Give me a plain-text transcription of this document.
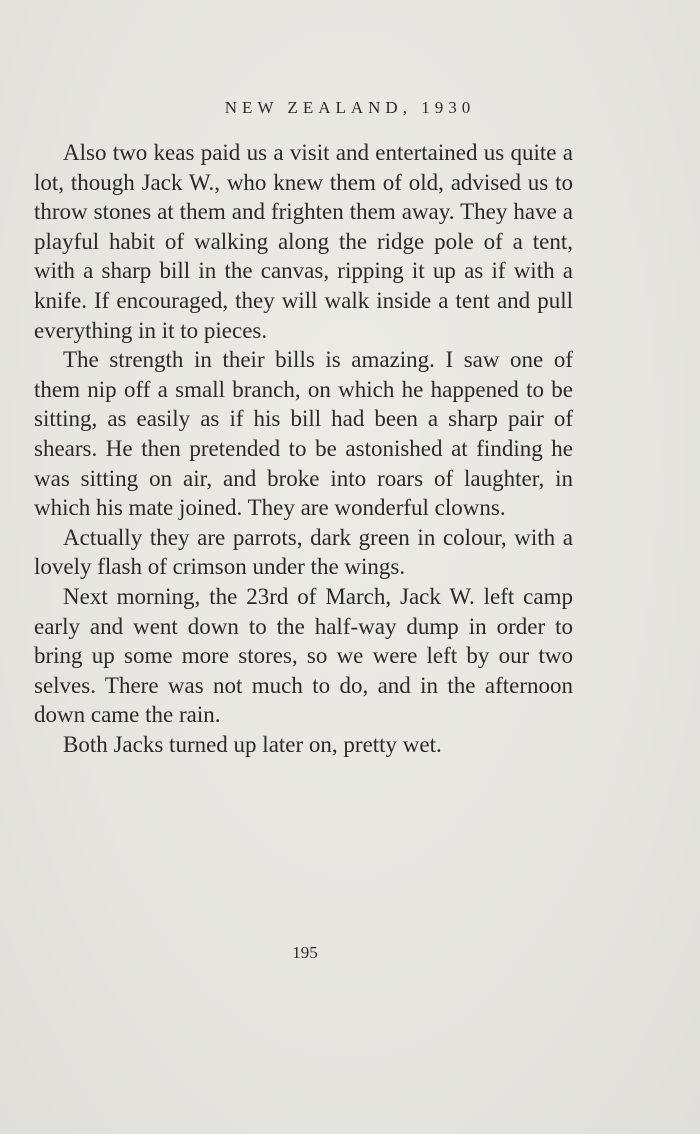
NEW ZEALAND, 1930

Also two keas paid us a visit and entertained us quite a lot, though Jack W., who knew them of old, advised us to throw stones at them and frighten them away. They have a playful habit of walking along the ridge pole of a tent, with a sharp bill in the canvas, ripping it up as if with a knife. If encouraged, they will walk inside a tent and pull everything in it to pieces.

The strength in their bills is amazing. I saw one of them nip off a small branch, on which he happened to be sitting, as easily as if his bill had been a sharp pair of shears. He then pretended to be astonished at finding he was sitting on air, and broke into roars of laughter, in which his mate joined. They are wonderful clowns.

Actually they are parrots, dark green in colour, with a lovely flash of crimson under the wings.

Next morning, the 23rd of March, Jack W. left camp early and went down to the half-way dump in order to bring up some more stores, so we were left by our two selves. There was not much to do, and in the afternoon down came the rain.

Both Jacks turned up later on, pretty wet.

195
